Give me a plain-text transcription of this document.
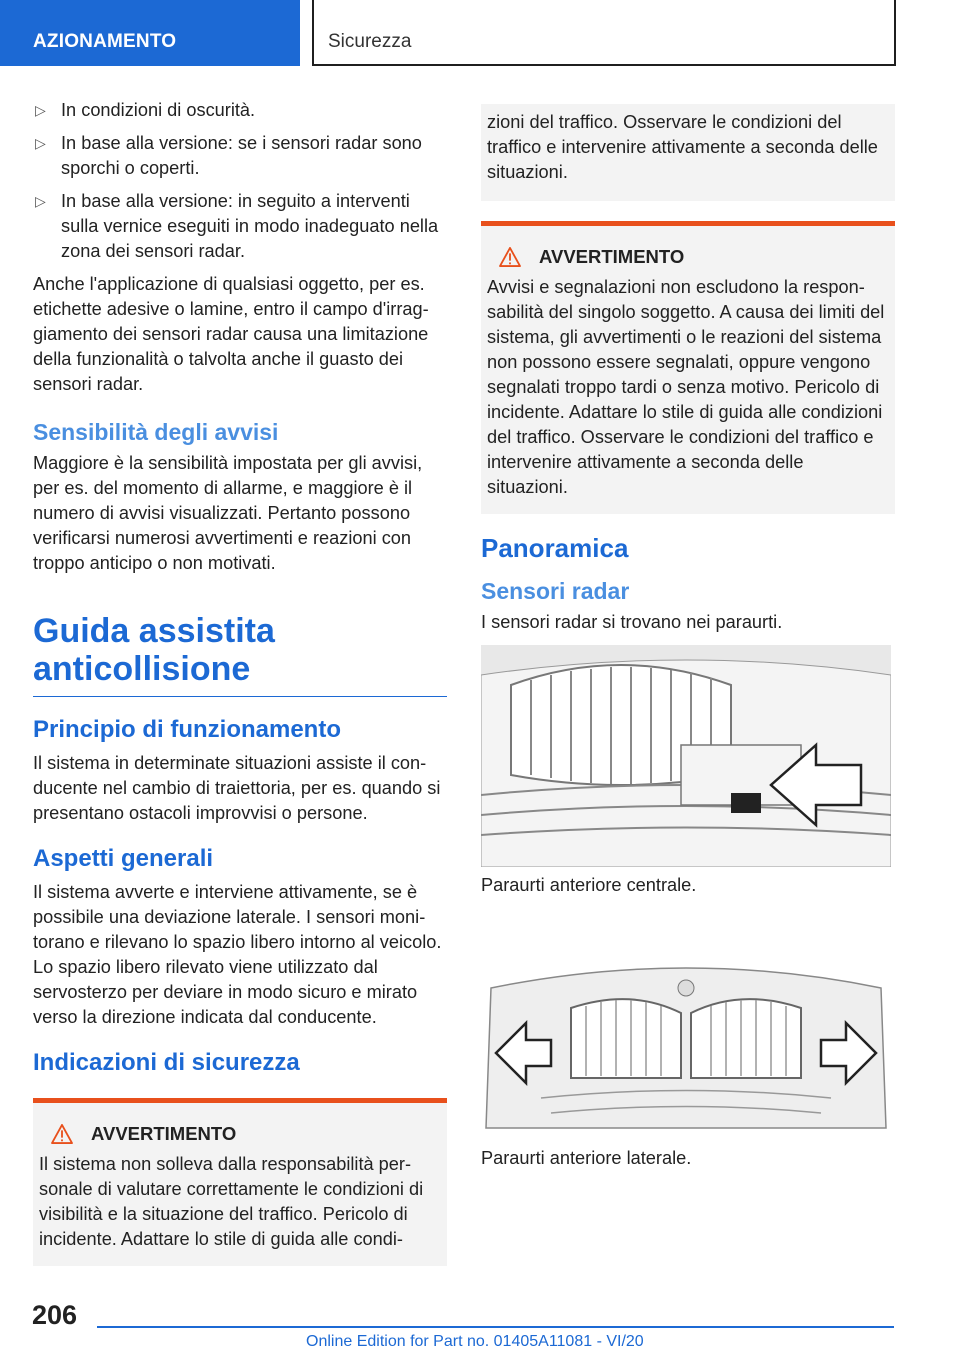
AZIONAMENTO	Sicurezza
▷ In condizioni di oscurità.
▷ In base alla versione: se i sensori radar sono sporchi o coperti.
▷ In base alla versione: in seguito a interventi sulla vernice eseguiti in modo inadeguato nella zona dei sensori radar.

Anche l'applicazione di qualsiasi oggetto, per es. etichette adesive o lamine, entro il campo d'irraggiamento dei sensori radar causa una limitazione della funzionalità o talvolta anche il guasto dei sensori radar.

Sensibilità degli avvisi

Maggiore è la sensibilità impostata per gli avvisi, per es. del momento di allarme, e maggiore è il numero di avvisi visualizzati. Pertanto possono verificarsi numerosi avvertimenti e reazioni con troppo anticipo o non motivati.

Guida assistita anticollisione
Principio di funzionamento

Il sistema in determinate situazioni assiste il conducente nel cambio di traiettoria, per es. quando si presentano ostacoli improvvisi o persone.

Aspetti generali

Il sistema avverte e interviene attivamente, se è possibile una deviazione laterale. I sensori monitorano e rilevano lo spazio libero intorno al veicolo. Lo spazio libero rilevato viene utilizzato dal servosterzo per deviare in modo sicuro e mirato verso la direzione indicata dal conducente.

Indicazioni di sicurezza
AVVERTIMENTO
Il sistema non solleva dalla responsabilità personale di valutare correttamente le condizioni di visibilità e la situazione del traffico. Pericolo di incidente. Adattare lo stile di guida alle condi-
zioni del traffico. Osservare le condizioni del traffico e intervenire attivamente a seconda delle situazioni.
AVVERTIMENTO
Avvisi e segnalazioni non escludono la responsabilità del singolo soggetto. A causa dei limiti del sistema, gli avvertimenti o le reazioni del sistema non possono essere segnalati, oppure vengono segnalati troppo tardi o senza motivo. Pericolo di incidente. Adattare lo stile di guida alle condizioni del traffico. Osservare le condizioni del traffico e intervenire attivamente a seconda delle situazioni.
Panoramica
Sensori radar

I sensori radar si trovano nei paraurti.

Paraurti anteriore centrale.

Paraurti anteriore laterale.

206
Online Edition for Part no. 01405A11081 - VI/20
